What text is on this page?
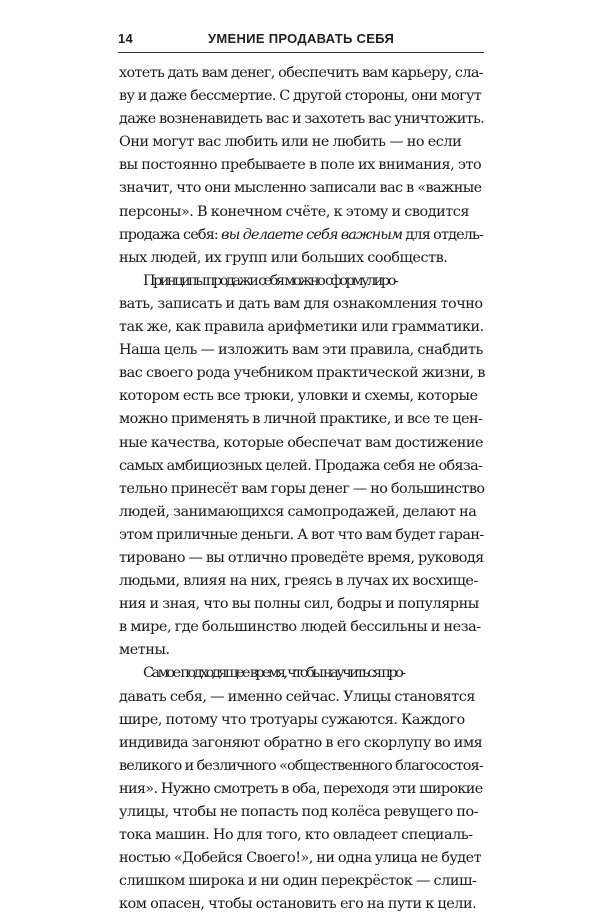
14	УМЕНИЕ ПРОДАВАТЬ СЕБЯ
хотеть дать вам денег, обеспечить вам карьеру, сла-
ву и даже бессмертие. С другой стороны, они могут
даже возненавидеть вас и захотеть вас уничтожить.
Они могут вас любить или не любить — но если
вы постоянно пребываете в поле их внимания, это
значит, что они мысленно записали вас в «важные
персоны». В конечном счёте, к этому и сводится
продажа себя: вы делаете себя важным для отдель-
ных людей, их групп или больших сообществ.
Принципы продажи себя можно сформулиро-
вать, записать и дать вам для ознакомления точно
так же, как правила арифметики или грамматики.
Наша цель — изложить вам эти правила, снабдить
вас своего рода учебником практической жизни, в
котором есть все трюки, уловки и схемы, которые
можно применять в личной практике, и все те цен-
ные качества, которые обеспечат вам достижение
самых амбициозных целей. Продажа себя не обяза-
тельно принесёт вам горы денег — но большинство
людей, занимающихся самопродажей, делают на
этом приличные деньги. А вот что вам будет гаран-
тировано — вы отлично проведёте время, руководя
людьми, влияя на них, греясь в лучах их восхище-
ния и зная, что вы полны сил, бодры и популярны
в мире, где большинство людей бессильны и неза-
метны.
Самое подходящее время, чтобы научиться про-
давать себя, — именно сейчас. Улицы становятся
шире, потому что тротуары сужаются. Каждого
индивида загоняют обратно в его скорлупу во имя
великого и безличного «общественного благосостоя-
ния». Нужно смотреть в оба, переходя эти широкие
улицы, чтобы не попасть под колёса ревущего по-
тока машин. Но для того, кто овладеет специаль-
ностью «Добейся Своего!», ни одна улица не будет
слишком широка и ни один перекрёсток — слиш-
ком опасен, чтобы остановить его на пути к цели.
